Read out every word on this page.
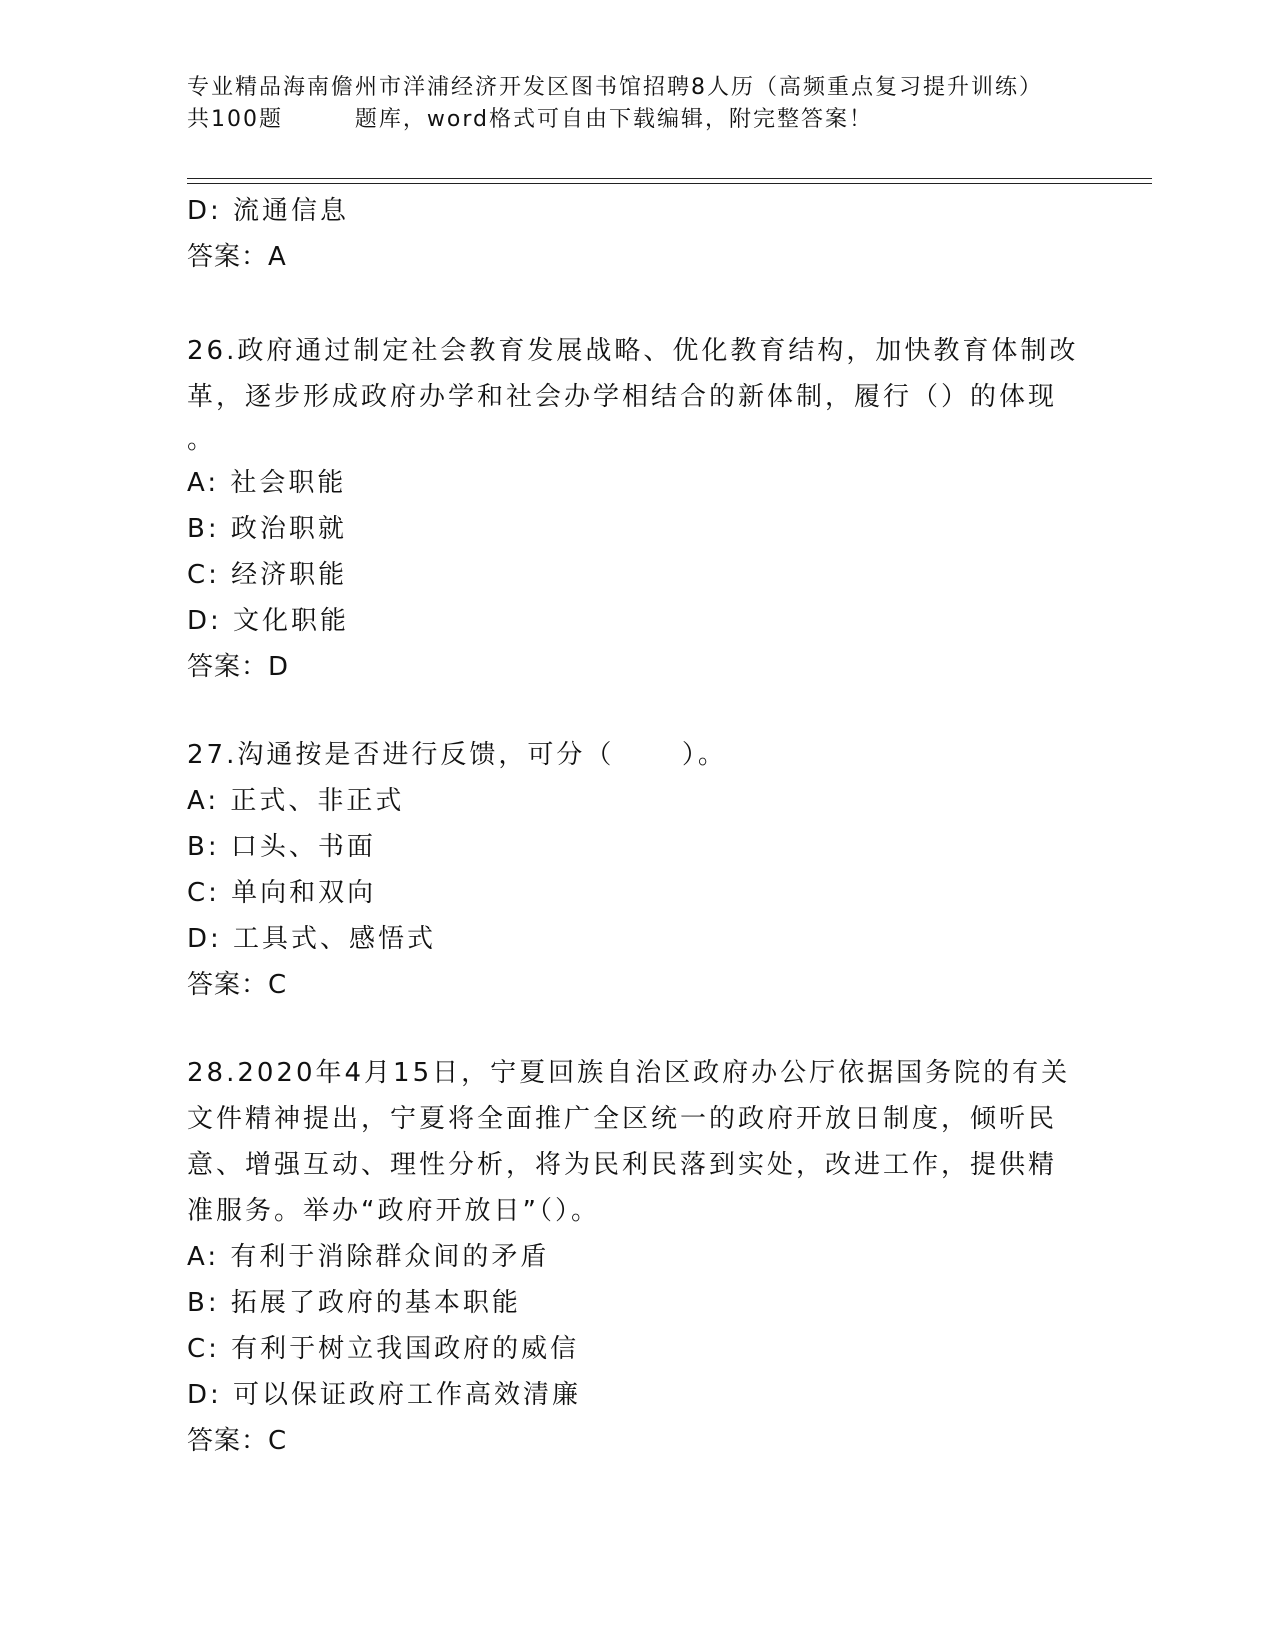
专业精品海南儋州市洋浦经济开发区图书馆招聘8人历（高频重点复习提升训练）
共100题        题库，word格式可自由下载编辑，附完整答案！
D: 流通信息
答案：A
26.政府通过制定社会教育发展战略、优化教育结构，加快教育体制改
革，逐步形成政府办学和社会办学相结合的新体制，履行（）的体现
。
A: 社会职能
B: 政治职就
C: 经济职能
D: 文化职能
答案：D
27.沟通按是否进行反馈，可分（      ）。
A: 正式、非正式
B: 口头、书面
C: 单向和双向
D: 工具式、感悟式
答案：C
28.2020年4月15日，宁夏回族自治区政府办公厅依据国务院的有关
文件精神提出，宁夏将全面推广全区统一的政府开放日制度，倾听民
意、增强互动、理性分析，将为民利民落到实处，改进工作，提供精
准服务。举办“政府开放日”（）。
A: 有利于消除群众间的矛盾
B: 拓展了政府的基本职能
C: 有利于树立我国政府的威信
D: 可以保证政府工作高效清廉
答案：C
